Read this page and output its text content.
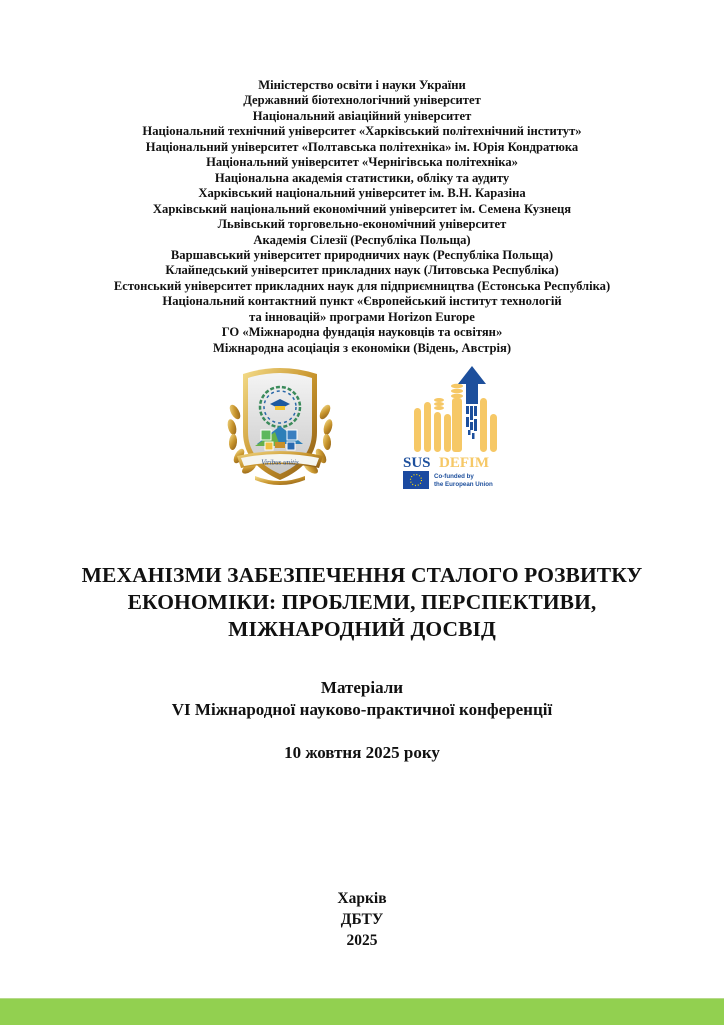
Міністерство освіти і науки України
Державний біотехнологічний університет
Національний авіаційний університет
Національний технічний університет «Харківський політехнічний інститут»
Національний університет «Полтавська політехніка» ім. Юрія Кондратюка
Національний університет «Чернігівська політехніка»
Національна академія статистики, обліку та аудиту
Харківський національний університет ім. В.Н. Каразіна
Харківський національний економічний університет ім. Семена Кузнеця
Львівський торговельно-економічний університет
Академія Сілезії (Республіка Польща)
Варшавський університет природничих наук (Республіка Польща)
Клайпедський університет прикладних наук (Литовська Республіка)
Естонський університет прикладних наук для підприємництва (Естонська Республіка)
Національний контактний пункт «Європейський інститут технологій
та інновацій» програми Horizon Europe
ГО «Міжнародна фундація науковців та освітян»
Міжнародна асоціація з економіки (Відень, Австрія)
Viribus unitis	SUS DEFIM
Co-funded by
the European Union
МЕХАНІЗМИ ЗАБЕЗПЕЧЕННЯ СТАЛОГО РОЗВИТКУ
ЕКОНОМІКИ: ПРОБЛЕМИ, ПЕРСПЕКТИВИ,
МІЖНАРОДНИЙ ДОСВІД
Матеріали
VI Міжнародної науково-практичної конференції
10 жовтня 2025 року
Харків
ДБТУ
2025
